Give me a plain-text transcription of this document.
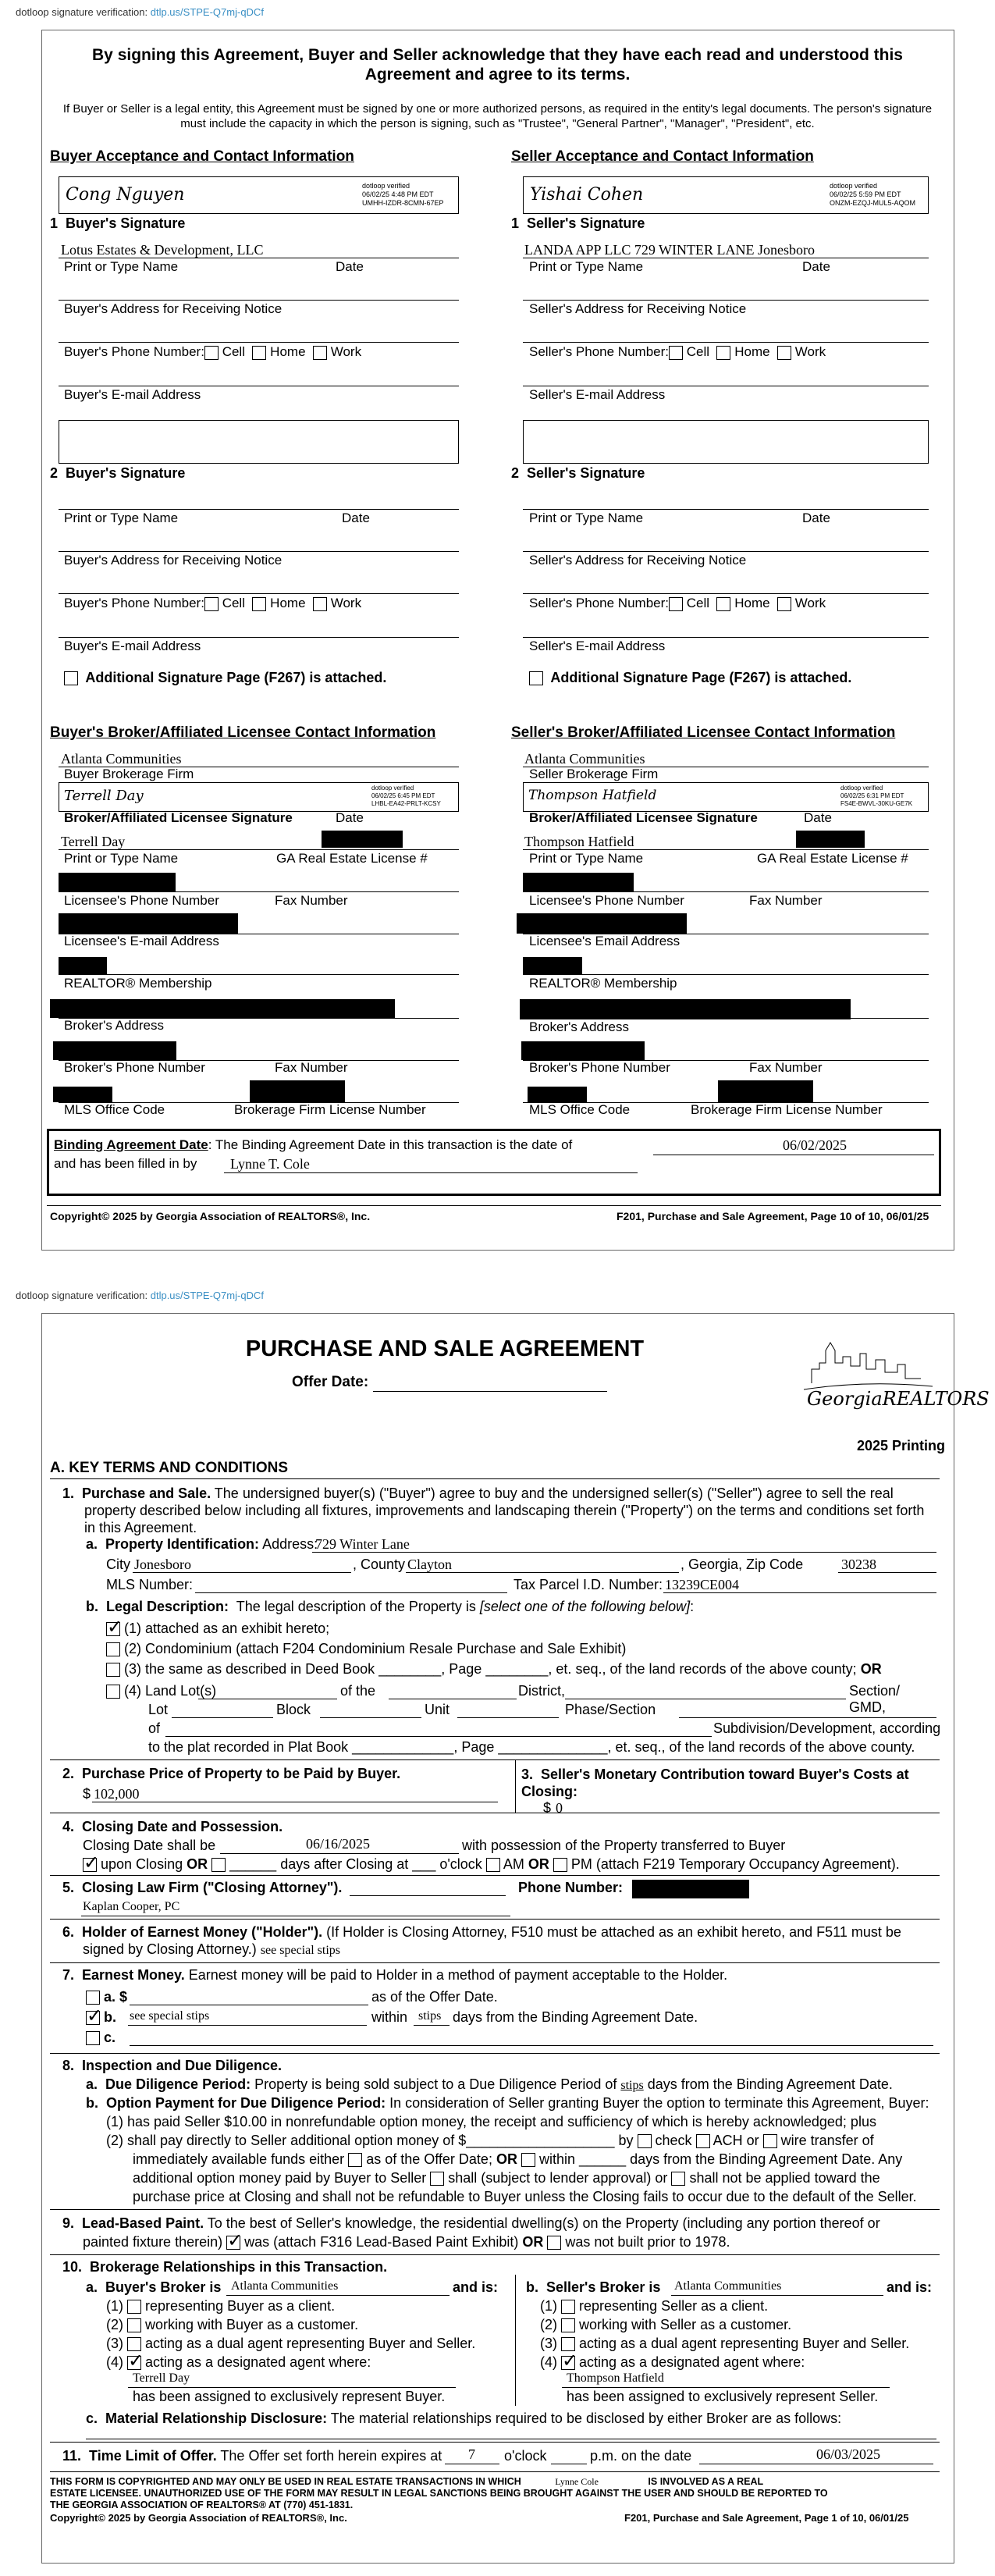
dotloop signature verification: dtlp.us/STPE-Q7mj-qDCf
By signing this Agreement, Buyer and Seller acknowledge that they have each read and understood this Agreement and agree to its terms.
If Buyer or Seller is a legal entity, this Agreement must be signed by one or more authorized persons, as required in the entity's legal documents. The person's signature must include the capacity in which the person is signing, such as "Trustee", "General Partner", "Manager", "President", etc.
Buyer Acceptance and Contact Information	Seller Acceptance and Contact Information
Cong Nguyen	dotloop verified
06/02/25 4:48 PM EDT
UMHH-IZDR-8CMN-67EP
1 Buyer's Signature
Lotus Estates & Development, LLC
Print or Type Name	Date
Buyer's Address for Receiving Notice
Buyer's Phone Number: Cell Home Work
Buyer's E-mail Address
Yishai Cohen	dotloop verified
06/02/25 5:59 PM EDT
ONZM-EZQJ-MUL5-AQOM
1 Seller's Signature
LANDA APP LLC 729 WINTER LANE Jonesboro
Print or Type Name	Date
Seller's Address for Receiving Notice
Seller's Phone Number: Cell Home Work
Seller's E-mail Address
2 Buyer's Signature
Print or Type Name	Date
Buyer's Address for Receiving Notice
Buyer's Phone Number: Cell Home Work
Buyer's E-mail Address
Additional Signature Page (F267) is attached.
2 Seller's Signature
Print or Type Name	Date
Seller's Address for Receiving Notice
Seller's Phone Number: Cell Home Work
Seller's E-mail Address
Additional Signature Page (F267) is attached.
Buyer's Broker/Affiliated Licensee Contact Information	Seller's Broker/Affiliated Licensee Contact Information
Atlanta Communities
Buyer Brokerage Firm
Terrell Day	dotloop verified
06/02/25 6:45 PM EDT
LHBL-EA42-PRLT-KCSY
Broker/Affiliated Licensee Signature	Date
Terrell Day
Print or Type Name	GA Real Estate License #
Licensee's Phone Number	Fax Number
Licensee's E-mail Address
REALTOR® Membership
Broker's Address
Broker's Phone Number	Fax Number
MLS Office Code	Brokerage Firm License Number
Atlanta Communities
Seller Brokerage Firm
Thompson Hatfield	dotloop verified
06/02/25 6:31 PM EDT
FS4E-BWVL-30KU-GE7K
Broker/Affiliated Licensee Signature	Date
Thompson Hatfield
Print or Type Name	GA Real Estate License #
Licensee's Phone Number	Fax Number
Licensee's Email Address
REALTOR® Membership
Broker's Address
Broker's Phone Number	Fax Number
MLS Office Code	Brokerage Firm License Number
Binding Agreement Date: The Binding Agreement Date in this transaction is the date of	06/02/2025
and has been filled in by Lynne T. Cole
Copyright© 2025 by Georgia Association of REALTORS®, Inc.	F201, Purchase and Sale Agreement, Page 10 of 10, 06/01/25
dotloop signature verification: dtlp.us/STPE-Q7mj-qDCf
PURCHASE AND SALE AGREEMENT
Offer Date:
GeorgiaREALTORS
2025 Printing
A. KEY TERMS AND CONDITIONS
1. Purchase and Sale. The undersigned buyer(s) ("Buyer") agree to buy and the undersigned seller(s) ("Seller") agree to sell the real
property described below including all fixtures, improvements and landscaping therein ("Property") on the terms and conditions set forth
in this Agreement.
a. Property Identification: Address:
729 Winter Lane
City Jonesboro	, County Clayton	, Georgia, Zip Code	30238
MLS Number:	Tax Parcel I.D. Number: 13239CE004
b. Legal Description: The legal description of the Property is [select one of the following below]:
✓ (1) attached as an exhibit hereto;
(2) Condominium (attach F204 Condominium Resale Purchase and Sale Exhibit)
(3) the same as described in Deed Book ________, Page ________, et. seq., of the land records of the above county; OR
(4) Land Lot(s)	of the	District,	Section/ GMD,
Lot	Block	Unit	Phase/Section
of	Subdivision/Development, according
to the plat recorded in Plat Book _____________, Page ______________, et. seq., of the land records of the above county.
2.  Purchase Price of Property to be Paid by Buyer.
$ 102,000
3.  Seller's Monetary Contribution toward Buyer's Costs at Closing:
$ 0
4.  Closing Date and Possession.
Closing Date shall be	06/16/2025	with possession of the Property transferred to Buyer
✓ upon Closing OR  ______ days after Closing at ___ o'clock AM OR PM (attach F219 Temporary Occupancy Agreement).
5.  Closing Law Firm ("Closing Attorney").	Phone Number:
Kaplan Cooper, PC
6. Holder of Earnest Money ("Holder"). (If Holder is Closing Attorney, F510 must be attached as an exhibit hereto, and F511 must be
signed by Closing Attorney.) see special stips
7. Earnest Money. Earnest money will be paid to Holder in a method of payment acceptable to the Holder.
a. $	as of the Offer Date.
✓ b. see special stips	within stips days from the Binding Agreement Date.
c.
8.  Inspection and Due Diligence.
a. Due Diligence Period: Property is being sold subject to a Due Diligence Period of stips days from the Binding Agreement Date.
b. Option Payment for Due Diligence Period: In consideration of Seller granting Buyer the option to terminate this Agreement, Buyer:
(1) has paid Seller $10.00 in nonrefundable option money, the receipt and sufficiency of which is hereby acknowledged; plus
(2) shall pay directly to Seller additional option money of $___________________ by check ACH or wire transfer of
immediately available funds either as of the Offer Date; OR within ______ days from the Binding Agreement Date. Any
additional option money paid by Buyer to Seller shall (subject to lender approval) or shall not be applied toward the
purchase price at Closing and shall not be refundable to Buyer unless the Closing fails to occur due to the default of the Seller.
9. Lead-Based Paint. To the best of Seller's knowledge, the residential dwelling(s) on the Property (including any portion thereof or
painted fixture therein) ✓ was (attach F316 Lead-Based Paint Exhibit) OR was not built prior to 1978.
10.  Brokerage Relationships in this Transaction.
a. Buyer's Broker is Atlanta Communities	and is:
(1)  representing Buyer as a client.
(2)  working with Buyer as a customer.
(3)  acting as a dual agent representing Buyer and Seller.
(4) ✓ acting as a designated agent where:
Terrell Day
has been assigned to exclusively represent Buyer.
b. Seller's Broker is Atlanta Communities	and is:
(1)  representing Seller as a client.
(2)  working with Seller as a customer.
(3)  acting as a dual agent representing Buyer and Seller.
(4) ✓ acting as a designated agent where:
Thompson Hatfield
has been assigned to exclusively represent Seller.
c. Material Relationship Disclosure: The material relationships required to be disclosed by either Broker are as follows:
11. Time Limit of Offer. The Offer set forth herein expires at 7 o'clock	p.m. on the date	06/03/2025
THIS FORM IS COPYRIGHTED AND MAY ONLY BE USED IN REAL ESTATE TRANSACTIONS IN WHICH	Lynne Cole	IS INVOLVED AS A REAL
ESTATE LICENSEE. UNAUTHORIZED USE OF THE FORM MAY RESULT IN LEGAL SANCTIONS BEING BROUGHT AGAINST THE USER AND SHOULD BE REPORTED TO
THE GEORGIA ASSOCIATION OF REALTORS® AT (770) 451-1831.
Copyright© 2025 by Georgia Association of REALTORS®, Inc.	F201, Purchase and Sale Agreement, Page 1 of 10, 06/01/25
